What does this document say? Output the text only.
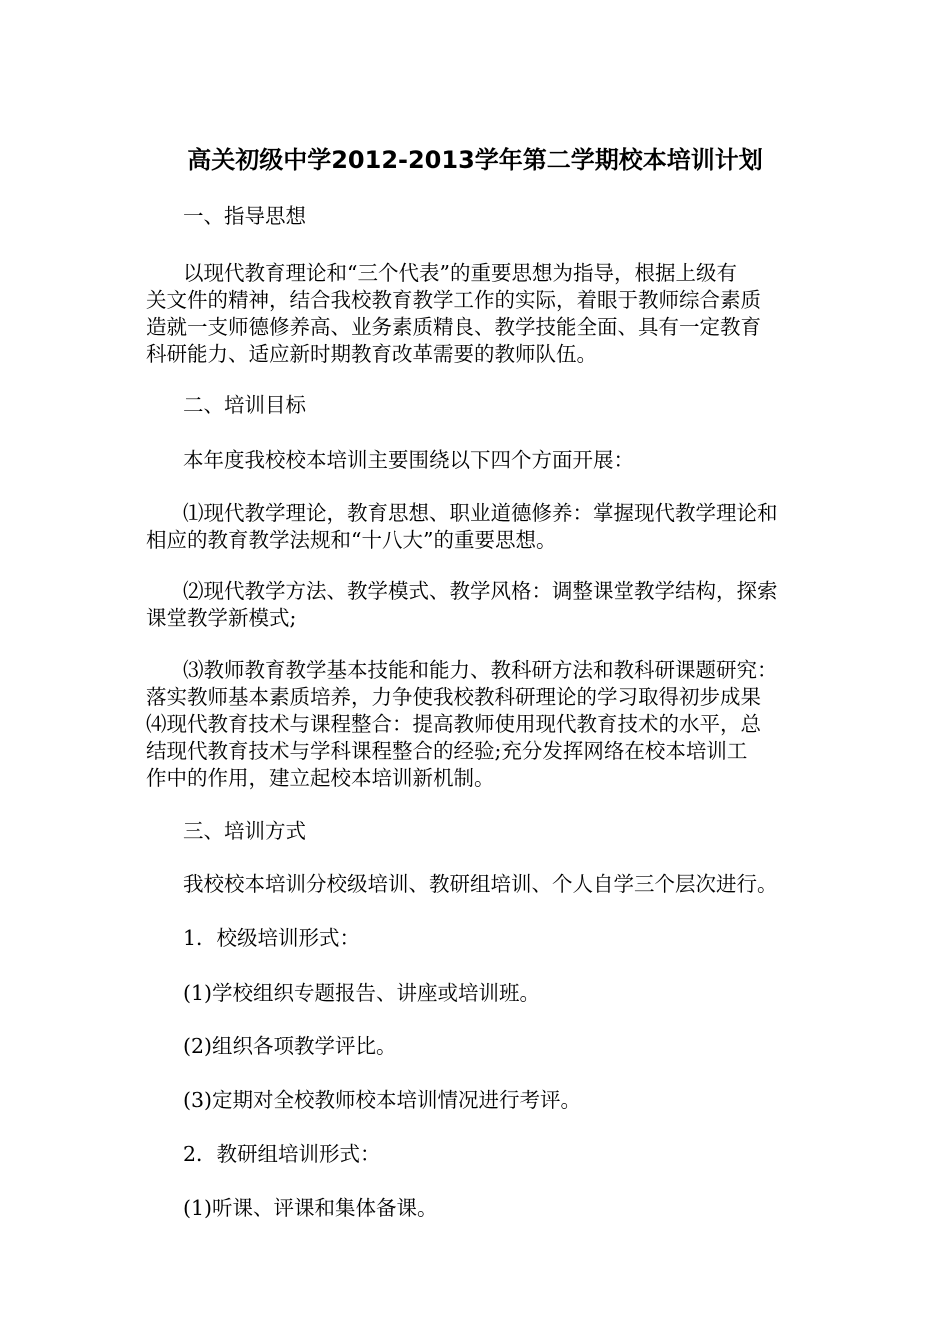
高关初级中学2012-2013学年第二学期校本培训计划
一、指导思想
以现代教育理论和“三个代表”的重要思想为指导，根据上级有
关文件的精神，结合我校教育教学工作的实际，着眼于教师综合素质
造就一支师德修养高、业务素质精良、教学技能全面、具有一定教育
科研能力、适应新时期教育改革需要的教师队伍。
二、培训目标
本年度我校校本培训主要围绕以下四个方面开展：
⑴现代教学理论，教育思想、职业道德修养：掌握现代教学理论和
相应的教育教学法规和“十八大”的重要思想。
⑵现代教学方法、教学模式、教学风格：调整课堂教学结构，探索
课堂教学新模式;
⑶教师教育教学基本技能和能力、教科研方法和教科研课题研究：
落实教师基本素质培养，力争使我校教科研理论的学习取得初步成果
⑷现代教育技术与课程整合：提高教师使用现代教育技术的水平，总
结现代教育技术与学科课程整合的经验;充分发挥网络在校本培训工
作中的作用，建立起校本培训新机制。
三、培训方式
我校校本培训分校级培训、教研组培训、个人自学三个层次进行。
1．校级培训形式：
(1)学校组织专题报告、讲座或培训班。
(2)组织各项教学评比。
(3)定期对全校教师校本培训情况进行考评。
2．教研组培训形式：
(1)听课、评课和集体备课。
